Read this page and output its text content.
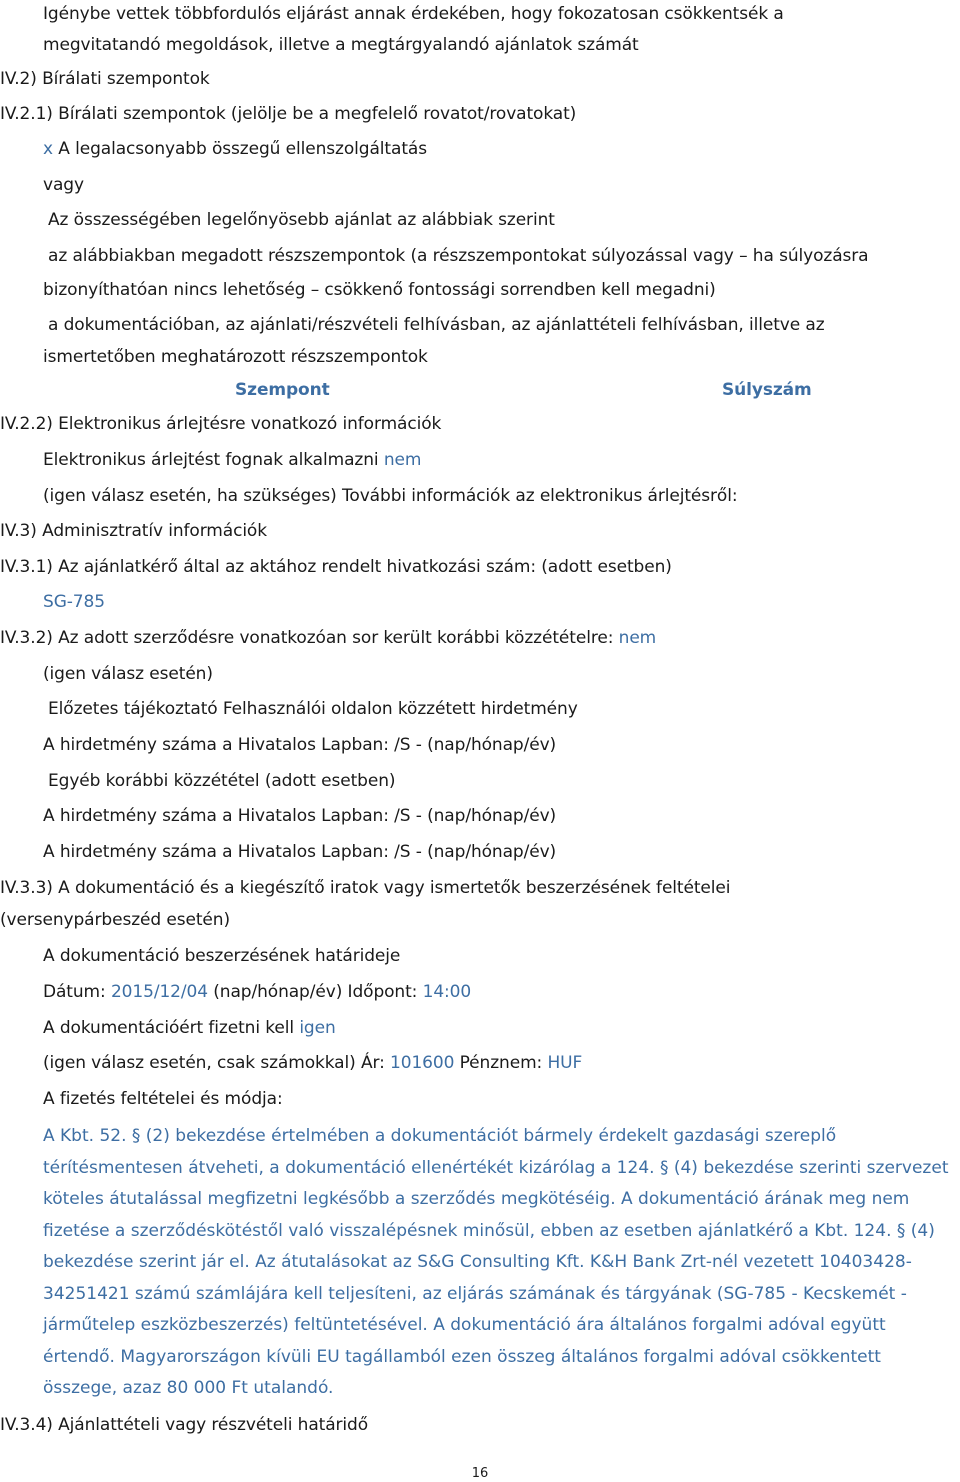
Igénybe vettek többfordulós eljárást annak érdekében, hogy fokozatosan csökkentsék a
megvitatandó megoldások, illetve a megtárgyalandó ajánlatok számát
IV.2) Bírálati szempontok
IV.2.1) Bírálati szempontok (jelölje be a megfelelő rovatot/rovatokat)
x A legalacsonyabb összegű ellenszolgáltatás
vagy
Az összességében legelőnyösebb ajánlat az alábbiak szerint
az alábbiakban megadott részszempontok (a részszempontokat súlyozással vagy – ha súlyozásra
bizonyíthatóan nincs lehetőség – csökkenő fontossági sorrendben kell megadni)
a dokumentációban, az ajánlati/részvételi felhívásban, az ajánlattételi felhívásban, illetve az
ismertetőben meghatározott részszempontok
Szempont	Súlyszám
IV.2.2) Elektronikus árlejtésre vonatkozó információk
Elektronikus árlejtést fognak alkalmazni nem
(igen válasz esetén, ha szükséges) További információk az elektronikus árlejtésről:
IV.3) Adminisztratív információk
IV.3.1) Az ajánlatkérő által az aktához rendelt hivatkozási szám: (adott esetben)
SG-785
IV.3.2) Az adott szerződésre vonatkozóan sor került korábbi közzétételre: nem
(igen válasz esetén)
Előzetes tájékoztató Felhasználói oldalon közzétett hirdetmény
A hirdetmény száma a Hivatalos Lapban: /S - (nap/hónap/év)
Egyéb korábbi közzététel (adott esetben)
A hirdetmény száma a Hivatalos Lapban: /S - (nap/hónap/év)
A hirdetmény száma a Hivatalos Lapban: /S - (nap/hónap/év)
IV.3.3) A dokumentáció és a kiegészítő iratok vagy ismertetők beszerzésének feltételei
(versenypárbeszéd esetén)
A dokumentáció beszerzésének határideje
Dátum: 2015/12/04 (nap/hónap/év) Időpont: 14:00
A dokumentációért fizetni kell igen
(igen válasz esetén, csak számokkal) Ár: 101600 Pénznem: HUF
A fizetés feltételei és módja:
A Kbt. 52. § (2) bekezdése értelmében a dokumentációt bármely érdekelt gazdasági szereplő térítésmentesen átveheti, a dokumentáció ellenértékét kizárólag a 124. § (4) bekezdése szerinti szervezet köteles átutalással megfizetni legkésőbb a szerződés megkötéséig. A dokumentáció árának meg nem fizetése a szerződéskötéstől való visszalépésnek minősül, ebben az esetben ajánlatkérő a Kbt. 124. § (4) bekezdése szerint jár el. Az átutalásokat az S&G Consulting Kft. K&H Bank Zrt-nél vezetett 10403428-34251421 számú számlájára kell teljesíteni, az eljárás számának és tárgyának (SG-785 - Kecskemét - járműtelep eszközbeszerzés) feltüntetésével. A dokumentáció ára általános forgalmi adóval együtt értendő. Magyarországon kívüli EU tagállamból ezen összeg általános forgalmi adóval csökkentett összege, azaz 80 000 Ft utalandó.
IV.3.4) Ajánlattételi vagy részvételi határidő
16
